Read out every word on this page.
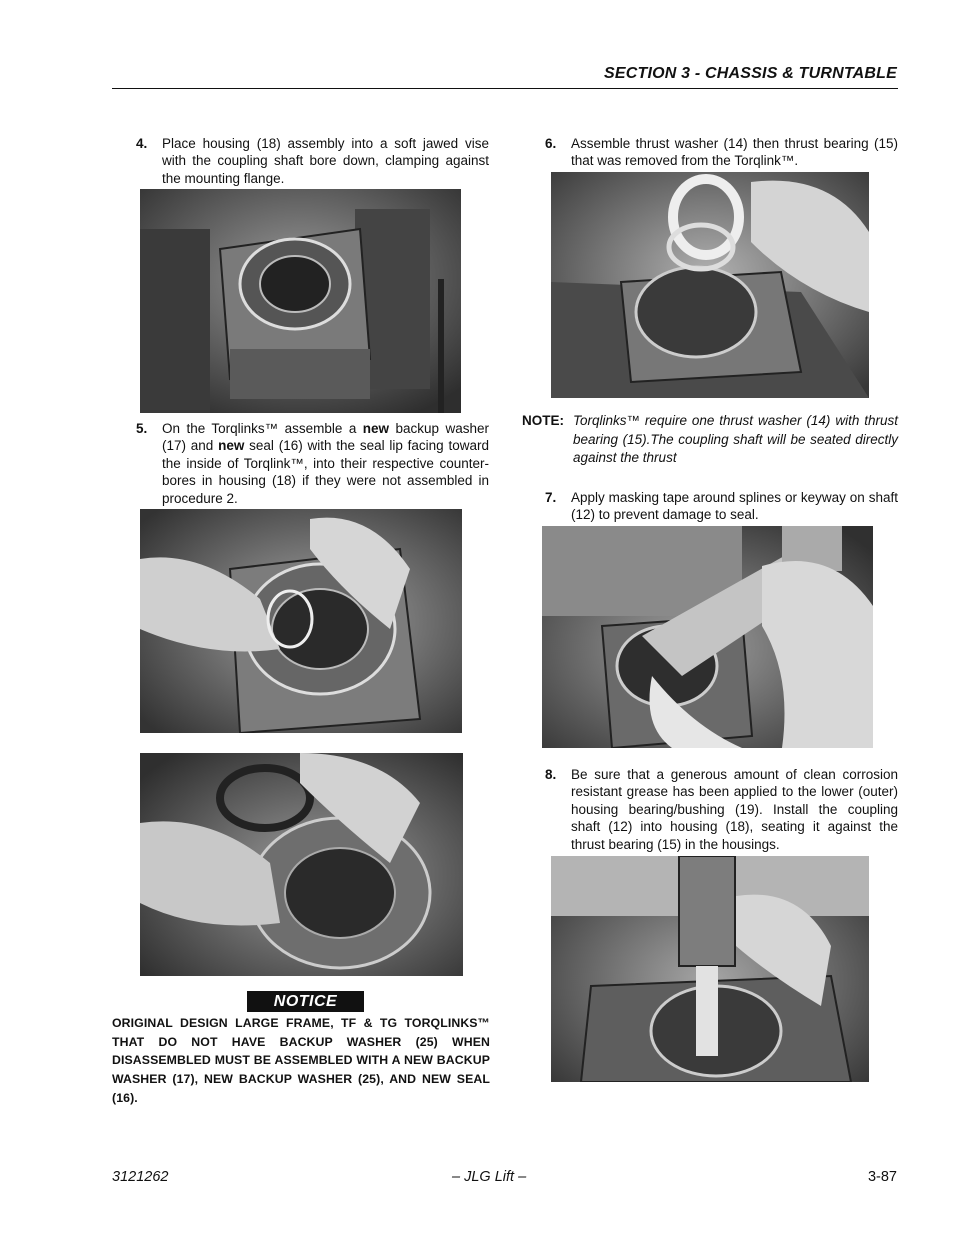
SECTION 3 - CHASSIS & TURNTABLE
4. Place housing (18) assembly into a soft jawed vise with the coupling shaft bore down, clamping against the mounting flange.
5. On the Torqlinks™ assemble a new backup washer (17) and new seal (16) with the seal lip facing toward the inside of Torqlink™, into their respective counter-bores in housing (18) if they were not assembled in procedure 2.
NOTICE
ORIGINAL DESIGN LARGE FRAME, TF & TG TORQLINKS™ THAT DO NOT HAVE BACKUP WASHER (25) WHEN DISASSEMBLED MUST BE ASSEMBLED WITH A NEW BACKUP WASHER (17), NEW BACKUP WASHER (25), AND NEW SEAL (16).
6. Assemble thrust washer (14) then thrust bearing (15) that was removed from the Torqlink™.
NOTE: Torqlinks™ require one thrust washer (14) with thrust bearing (15).The coupling shaft will be seated directly against the thrust
7. Apply masking tape around splines or keyway on shaft (12) to prevent damage to seal.
8. Be sure that a generous amount of clean corrosion resistant grease has been applied to the lower (outer) housing bearing/bushing (19). Install the coupling shaft (12) into housing (18), seating it against the thrust bearing (15) in the housings.
3121262	– JLG Lift –	3-87
